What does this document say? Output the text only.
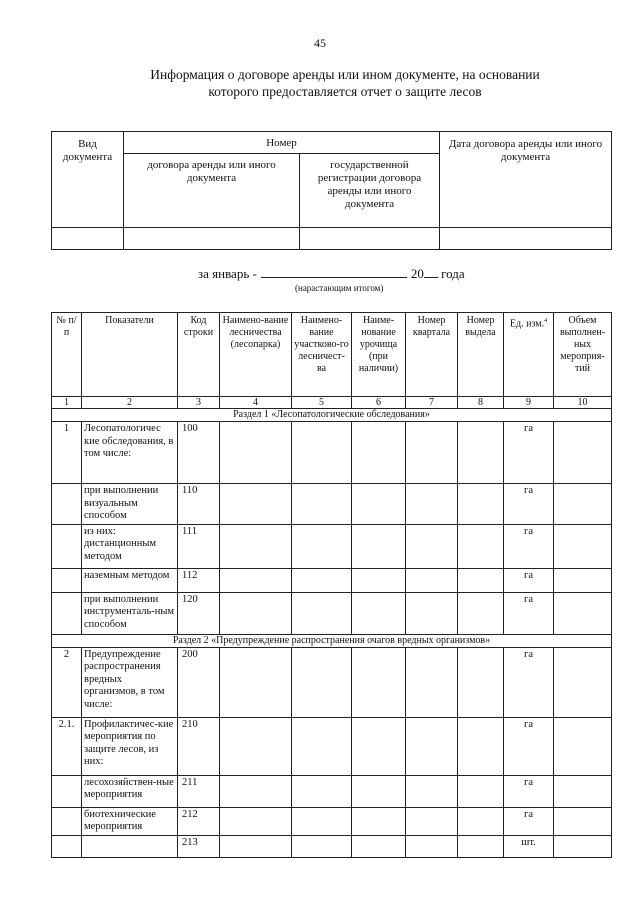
45
Информация о договоре аренды или ином документе, на основании которого предоставляется отчет о защите лесов
Вид документа	Номер		Дата договора аренды или иного документа
	договора аренды или иного документа	государственной регистрации договора аренды или иного документа	

за январь -	20 года
(нарастающим итогом)
№ п/п	Показатели	Код строки	Наимено-вание лесничества (лесопарка)	Наимено-вание участково-го лесничест-ва	Наиме-нование урочища (при наличии)	Номер квартала	Номер выдела	Ед. изм.$^4$	Объем выполнен-ных мероприя-тий
1	2	3	4	5	6	7	8	9	10
Раздел 1 «Лесопатологические обследования»									
1	Лесопатологичес кие обследования, в том числе:	100						га	
	при выполнении визуальным способом	110						га	
	из них: дистанционным методом	111						га	
	наземным методом	112						га	
	при выполнении инструменталь-ным способом	120						га	
Раздел 2 «Предупреждение распространения очагов вредных организмов»									
2	Предупреждение распространения вредных организмов, в том числе:	200						га	
2.1.	Профилактичес-кие мероприятия по защите лесов, из них:	210						га	
	лесохозяйствен-ные мероприятия	211						га	
	биотехнические мероприятия	212						га	
		213						шт.	
